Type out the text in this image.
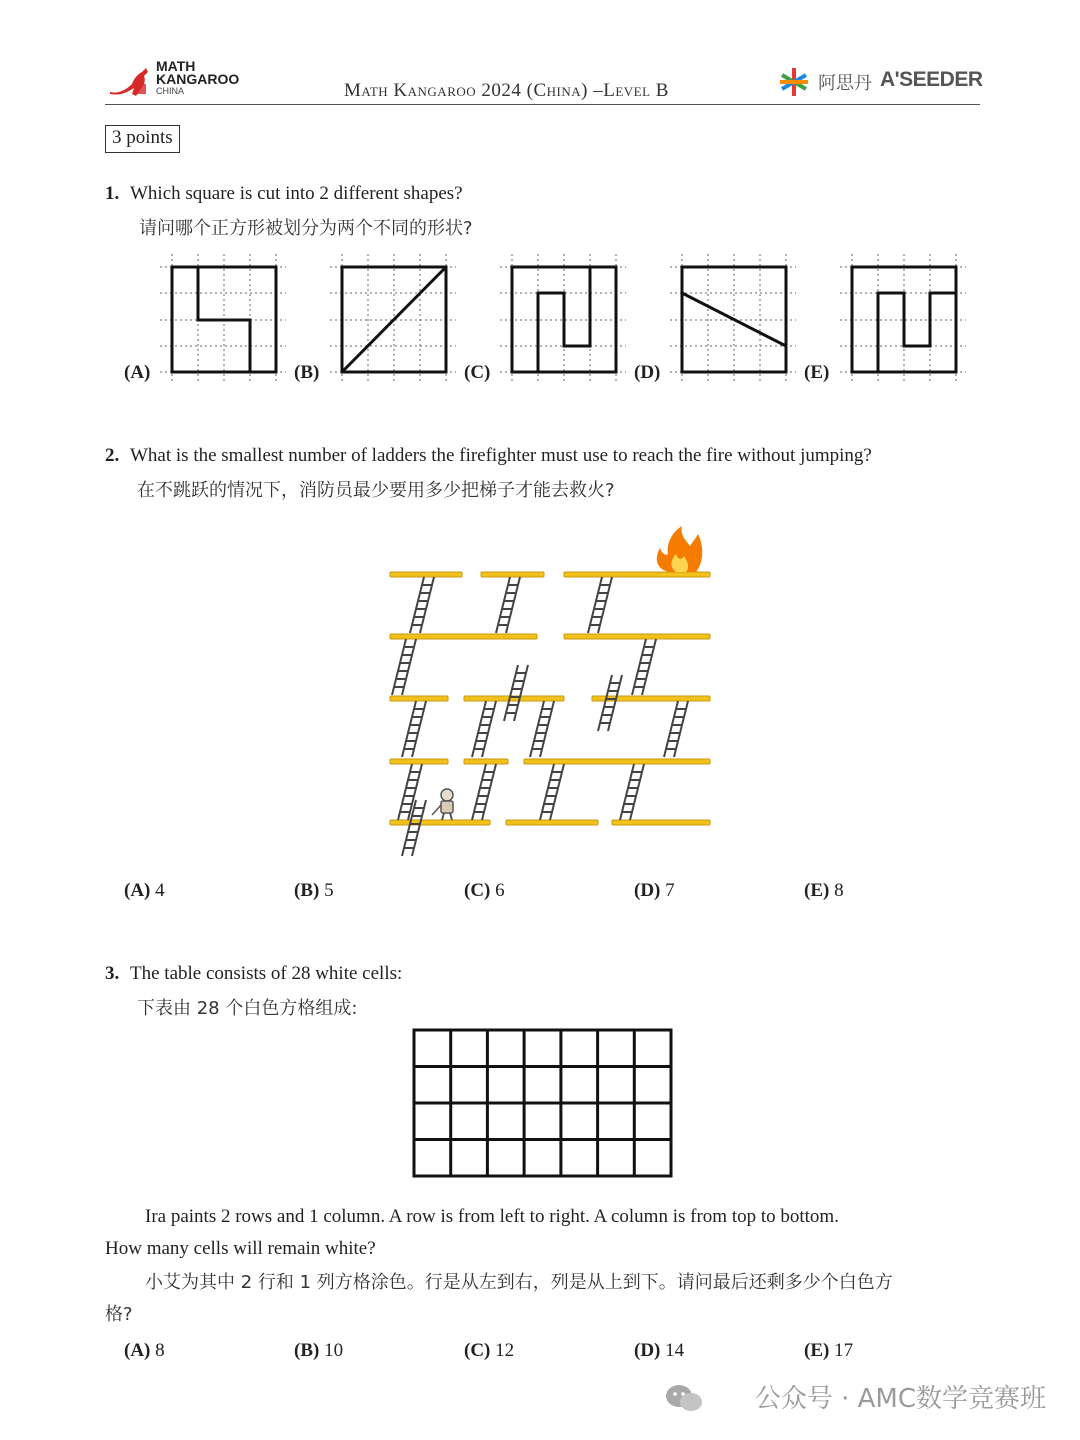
MATH
KANGAROO
CHINA	Math Kangaroo 2024 (China) –Level B	阿思丹 A'SEEDER
3 points
1. Which square is cut into 2 different shapes?
请问哪个正方形被划分为两个不同的形状?
(A)	(B)	(C)	(D)	(E)
2. What is the smallest number of ladders the firefighter must use to reach the fire without jumping?
在不跳跃的情况下，消防员最少要用多少把梯子才能去救火?
(A) 4	(B) 5	(C) 6	(D) 7	(E) 8
3. The table consists of 28 white cells:
下表由 28 个白色方格组成:
Ira paints 2 rows and 1 column. A row is from left to right. A column is from top to bottom.
How many cells will remain white?
小艾为其中 2 行和 1 列方格涂色。行是从左到右，列是从上到下。请问最后还剩多少个白色方
格?
(A) 8	(B) 10	(C) 12	(D) 14	(E) 17
公众号 · AMC数学竞赛班
